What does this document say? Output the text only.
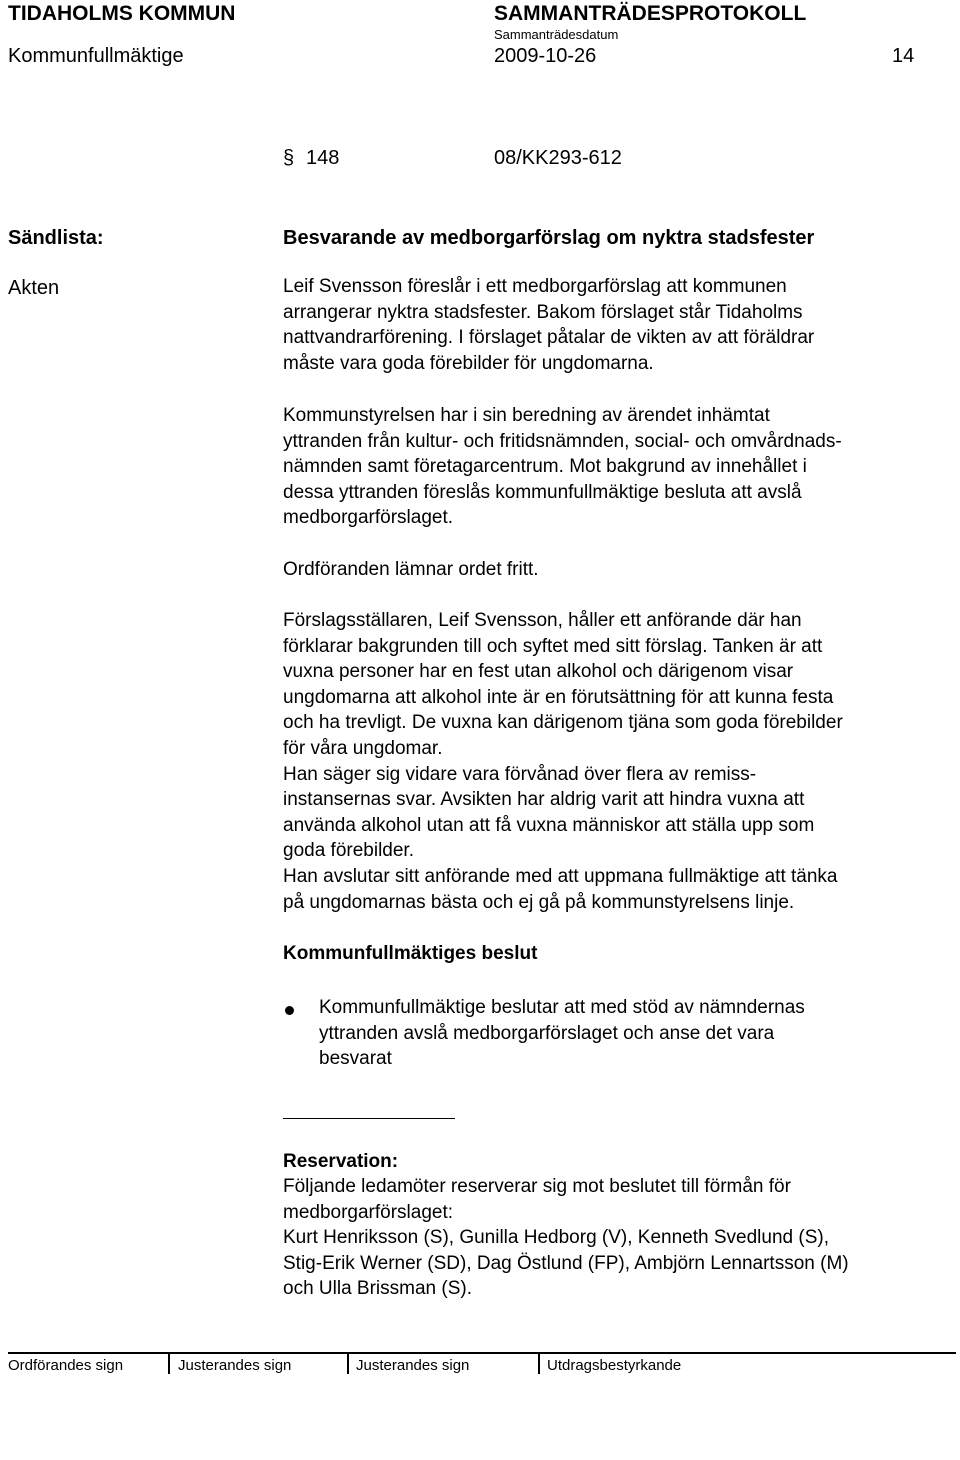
TIDAHOLMS KOMMUN	SAMMANTRÄDESPROTOKOLL
Sammanträdesdatum
Kommunfullmäktige	2009-10-26	14
§ 148	08/KK293-612
Sändlista:	Besvarande av medborgarförslag om nyktra stadsfester
Akten	Leif Svensson föreslår i ett medborgarförslag att kommunen
arrangerar nyktra stadsfester. Bakom förslaget står Tidaholms
nattvandrarförening. I förslaget påtalar de vikten av att föräldrar
måste vara goda förebilder för ungdomarna.
Kommunstyrelsen har i sin beredning av ärendet inhämtat
yttranden från kultur- och fritidsnämnden, social- och omvårdnads-
nämnden samt företagarcentrum. Mot bakgrund av innehållet i
dessa yttranden föreslås kommunfullmäktige besluta att avslå
medborgarförslaget.
Ordföranden lämnar ordet fritt.
Förslagsställaren, Leif Svensson, håller ett anförande där han
förklarar bakgrunden till och syftet med sitt förslag. Tanken är att
vuxna personer har en fest utan alkohol och därigenom visar
ungdomarna att alkohol inte är en förutsättning för att kunna festa
och ha trevligt. De vuxna kan därigenom tjäna som goda förebilder
för våra ungdomar.
Han säger sig vidare vara förvånad över flera av remiss-
instansernas svar. Avsikten har aldrig varit att hindra vuxna att
använda alkohol utan att få vuxna människor att ställa upp som
goda förebilder.
Han avslutar sitt anförande med att uppmana fullmäktige att tänka
på ungdomarnas bästa och ej gå på kommunstyrelsens linje.
Kommunfullmäktiges beslut
Kommunfullmäktige beslutar att med stöd av nämndernas
yttranden avslå medborgarförslaget och anse det vara
besvarat
Reservation:
Följande ledamöter reserverar sig mot beslutet till förmån för
medborgarförslaget:
Kurt Henriksson (S), Gunilla Hedborg (V), Kenneth Svedlund (S),
Stig-Erik Werner (SD), Dag Östlund (FP), Ambjörn Lennartsson (M)
och Ulla Brissman (S).
Ordförandes sign	Justerandes sign	Justerandes sign	Utdragsbestyrkande
